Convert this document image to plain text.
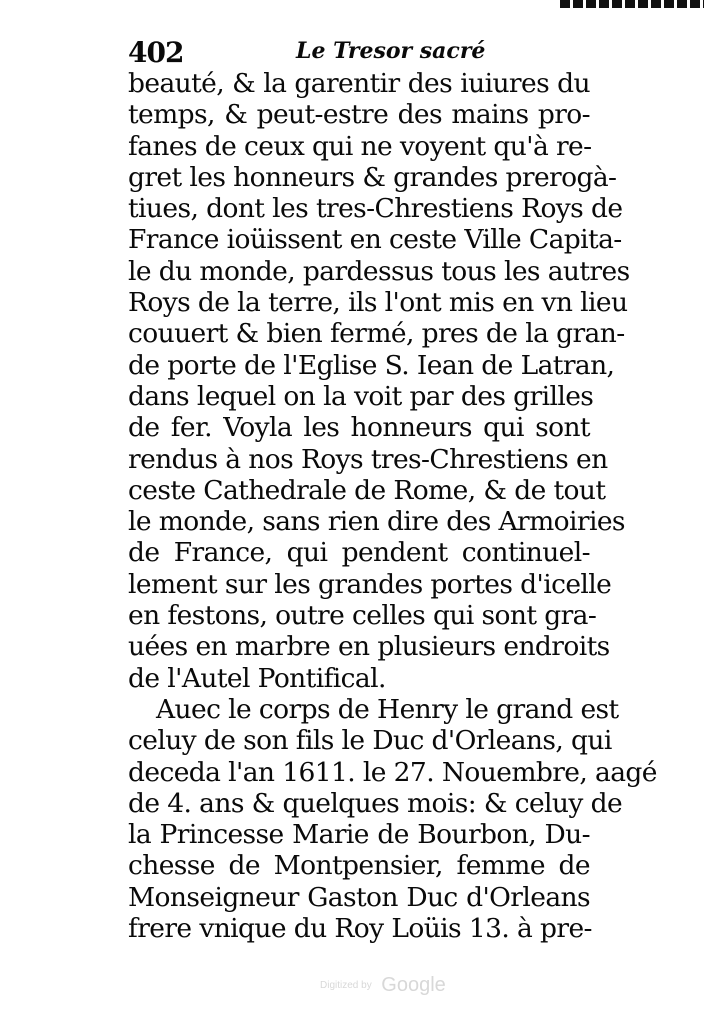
402	Le Tresor sacré
beauté, & la garentir des iuiures du
temps, & peut-estre des mains pro-
fanes de ceux qui ne voyent qu'à re-
gret les honneurs & grandes prerogà-
tiues, dont les tres-Chrestiens Roys de
France ioüissent en ceste Ville Capita-
le du monde, pardessus tous les autres
Roys de la terre, ils l'ont mis en vn lieu
couuert & bien fermé, pres de la gran-
de porte de l'Eglise S. Iean de Latran,
dans lequel on la voit par des grilles
de fer. Voyla les honneurs qui sont
rendus à nos Roys tres-Chrestiens en
ceste Cathedrale de Rome, & de tout
le monde, sans rien dire des Armoiries
de France, qui pendent continuel-
lement sur les grandes portes d'icelle
en festons, outre celles qui sont gra-
uées en marbre en plusieurs endroits
de l'Autel Pontifical.
Auec le corps de Henry le grand est
celuy de son fils le Duc d'Orleans, qui
deceda l'an 1611. le 27. Nouembre, aagé
de 4. ans & quelques mois: & celuy de
la Princesse Marie de Bourbon, Du-
chesse de Montpensier, femme de
Monseigneur Gaston Duc d'Orleans
frere vnique du Roy Loüis 13. à pre-
Digitized by Google
